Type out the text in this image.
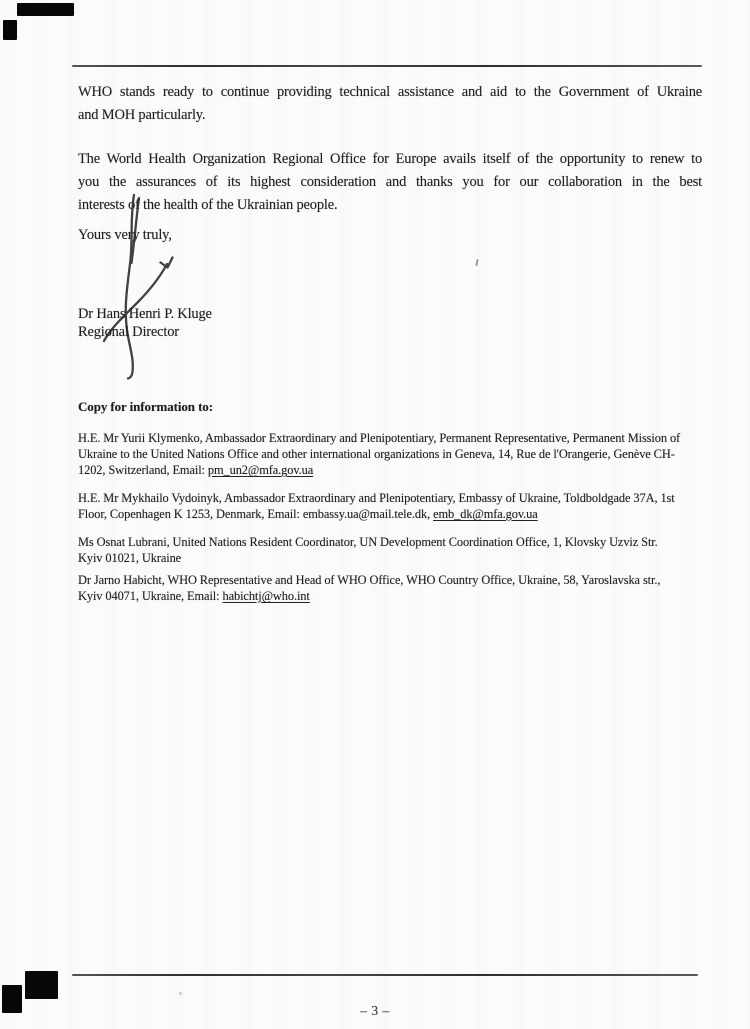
WHO stands ready to continue providing technical assistance and aid to the Government of Ukraine
and MOH particularly.
The World Health Organization Regional Office for Europe avails itself of the opportunity to renew to
you the assurances of its highest consideration and thanks you for our collaboration in the best
interests of the health of the Ukrainian people.
Yours very truly,
Dr Hans Henri P. Kluge
Regional Director
Copy for information to:
H.E. Mr Yurii Klymenko, Ambassador Extraordinary and Plenipotentiary, Permanent Representative, Permanent Mission of
Ukraine to the United Nations Office and other international organizations in Geneva, 14, Rue de l'Orangerie, Genève CH-
1202, Switzerland, Email: pm_un2@mfa.gov.ua
H.E. Mr Mykhailo Vydoinyk, Ambassador Extraordinary and Plenipotentiary, Embassy of Ukraine, Toldboldgade 37A, 1st
Floor, Copenhagen K 1253, Denmark, Email: embassy.ua@mail.tele.dk, emb_dk@mfa.gov.ua
Ms Osnat Lubrani, United Nations Resident Coordinator, UN Development Coordination Office, 1, Klovsky Uzviz Str.
Kyiv 01021, Ukraine
Dr Jarno Habicht, WHO Representative and Head of WHO Office, WHO Country Office, Ukraine, 58, Yaroslavska str.,
Kyiv 04071, Ukraine, Email: habichtj@who.int
– 3 –
